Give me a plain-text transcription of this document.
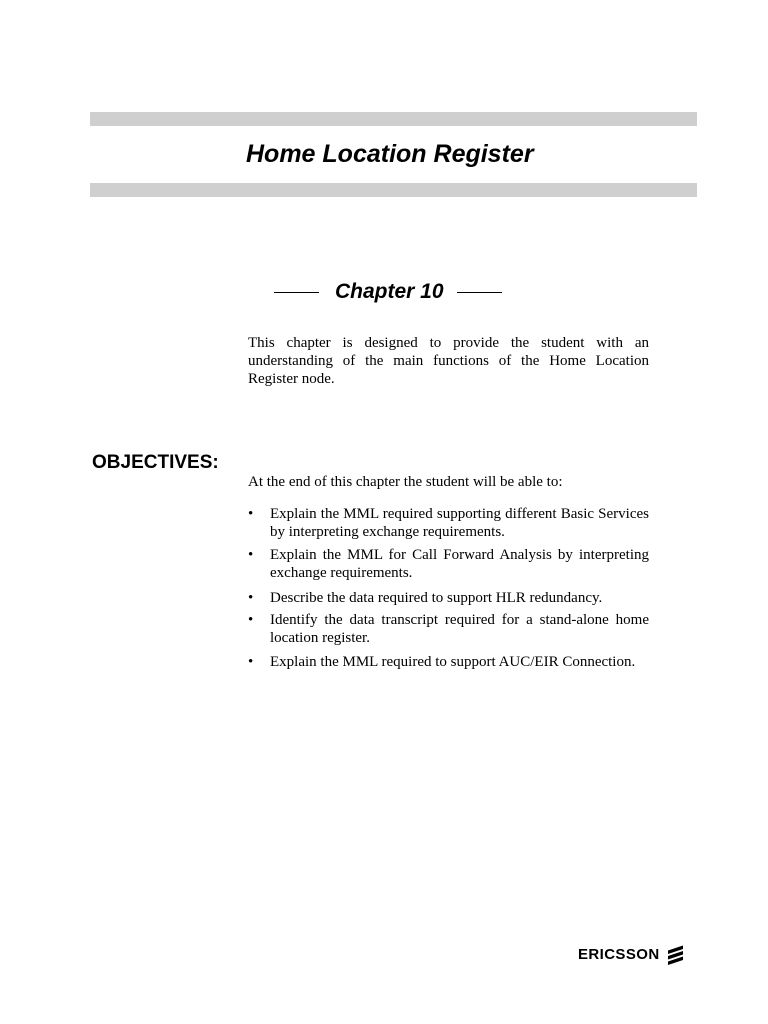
Home Location Register
Chapter 10

This chapter is designed to provide the student with an understanding of the main functions of the Home Location Register node.

OBJECTIVES:

At the end of this chapter the student will be able to:

• Explain the MML required supporting different Basic Services by interpreting exchange requirements.
• Explain the MML for Call Forward Analysis by interpreting exchange requirements.
• Describe the data required to support HLR redundancy.
• Identify the data transcript required for a stand-alone home location register.
• Explain the MML required to support AUC/EIR Connection.
ERICSSON
